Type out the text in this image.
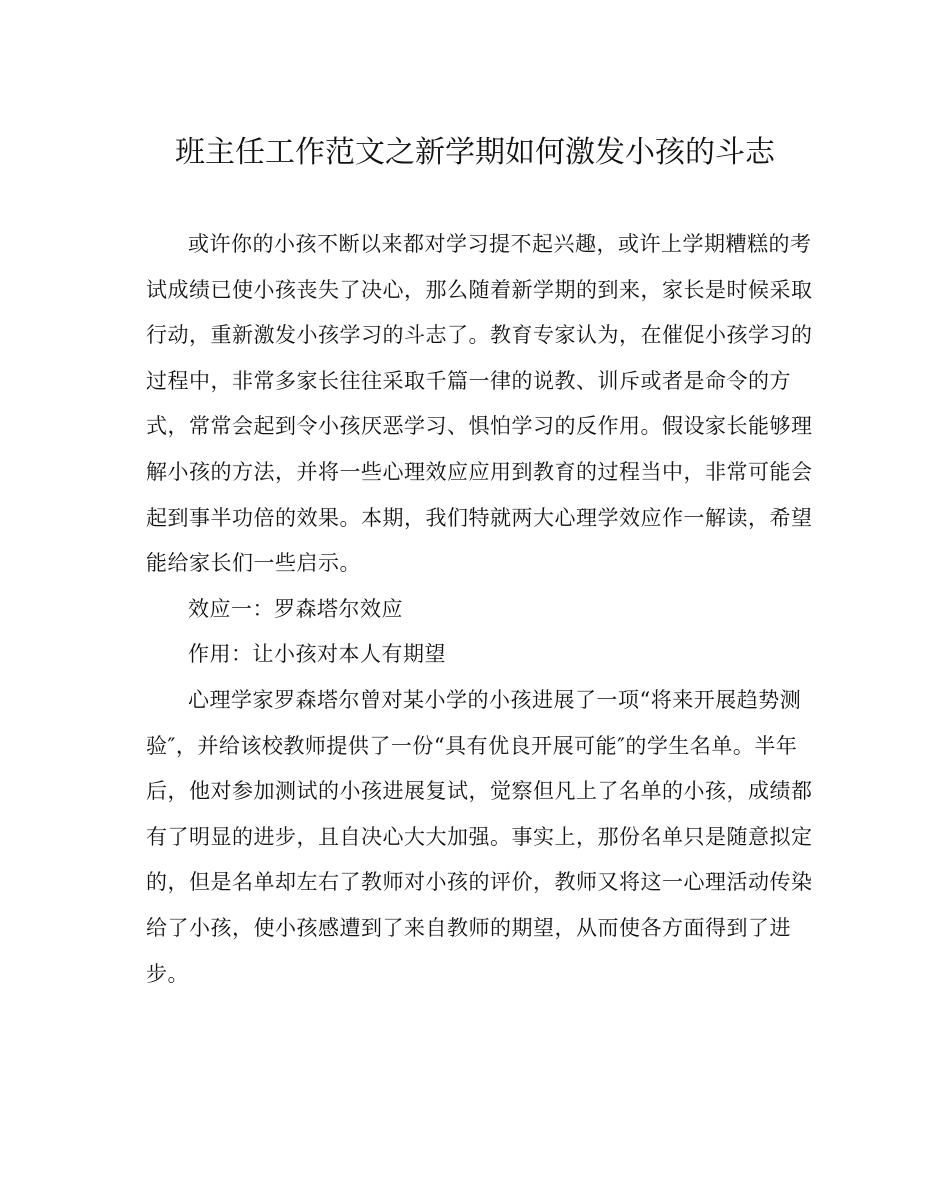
班主任工作范文之新学期如何激发小孩的斗志

或许你的小孩不断以来都对学习提不起兴趣，或许上学期糟糕的考试成绩已使小孩丧失了决心，那么随着新学期的到来，家长是时候采取行动，重新激发小孩学习的斗志了。教育专家认为，在催促小孩学习的过程中，非常多家长往往采取千篇一律的说教、训斥或者是命令的方式，常常会起到令小孩厌恶学习、惧怕学习的反作用。假设家长能够理解小孩的方法，并将一些心理效应应用到教育的过程当中，非常可能会起到事半功倍的效果。本期，我们特就两大心理学效应作一解读，希望能给家长们一些启示。

效应一：罗森塔尔效应

作用：让小孩对本人有期望

心理学家罗森塔尔曾对某小学的小孩进展了一项“将来开展趋势测验″，并给该校教师提供了一份“具有优良开展可能″的学生名单。半年后，他对参加测试的小孩进展复试，觉察但凡上了名单的小孩，成绩都有了明显的进步，且自决心大大加强。事实上，那份名单只是随意拟定的，但是名单却左右了教师对小孩的评价，教师又将这一心理活动传染给了小孩，使小孩感遭到了来自教师的期望，从而使各方面得到了进步。
